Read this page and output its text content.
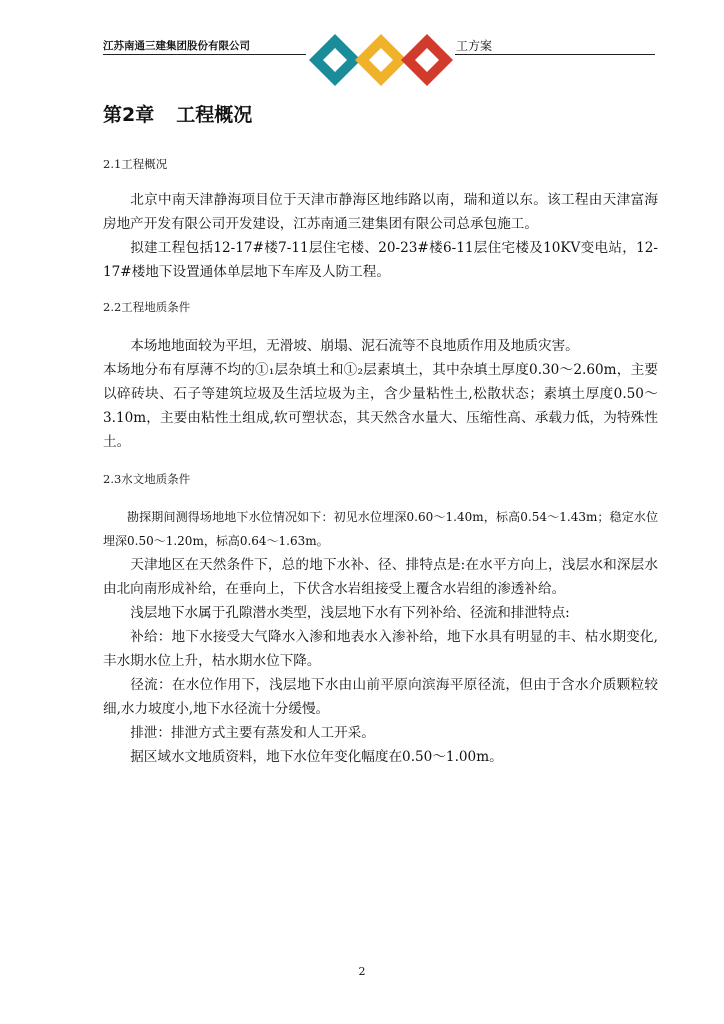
江苏南通三建集团股份有限公司	工方案
第2章 工程概况
2.1工程概况

北京中南天津静海项目位于天津市静海区地纬路以南，瑞和道以东。该工程由天津富海房地产开发有限公司开发建设，江苏南通三建集团有限公司总承包施工。

拟建工程包括12-17#楼7-11层住宅楼、20-23#楼6-11层住宅楼及10KV变电站，12-17#楼地下设置通体单层地下车库及人防工程。

2.2工程地质条件

本场地地面较为平坦，无滑坡、崩塌、泥石流等不良地质作用及地质灾害。

本场地分布有厚薄不均的①₁层杂填土和①₂层素填土，其中杂填土厚度0.30～2.60m，主要以碎砖块、石子等建筑垃圾及生活垃圾为主，含少量粘性土,松散状态；素填土厚度0.50～3.10m，主要由粘性土组成,软可塑状态，其天然含水量大、压缩性高、承载力低，为特殊性土。

2.3水文地质条件

勘探期间测得场地地下水位情况如下：初见水位埋深0.60～1.40m，标高0.54～1.43m；稳定水位埋深0.50～1.20m，标高0.64～1.63m。

天津地区在天然条件下，总的地下水补、径、排特点是:在水平方向上，浅层水和深层水由北向南形成补给，在垂向上，下伏含水岩组接受上覆含水岩组的渗透补给。

浅层地下水属于孔隙潜水类型，浅层地下水有下列补给、径流和排泄特点:

补给：地下水接受大气降水入渗和地表水入渗补给，地下水具有明显的丰、枯水期变化,丰水期水位上升，枯水期水位下降。

径流：在水位作用下，浅层地下水由山前平原向滨海平原径流，但由于含水介质颗粒较细,水力坡度小,地下水径流十分缓慢。

排泄：排泄方式主要有蒸发和人工开采。

据区域水文地质资料，地下水位年变化幅度在0.50～1.00m。

2
